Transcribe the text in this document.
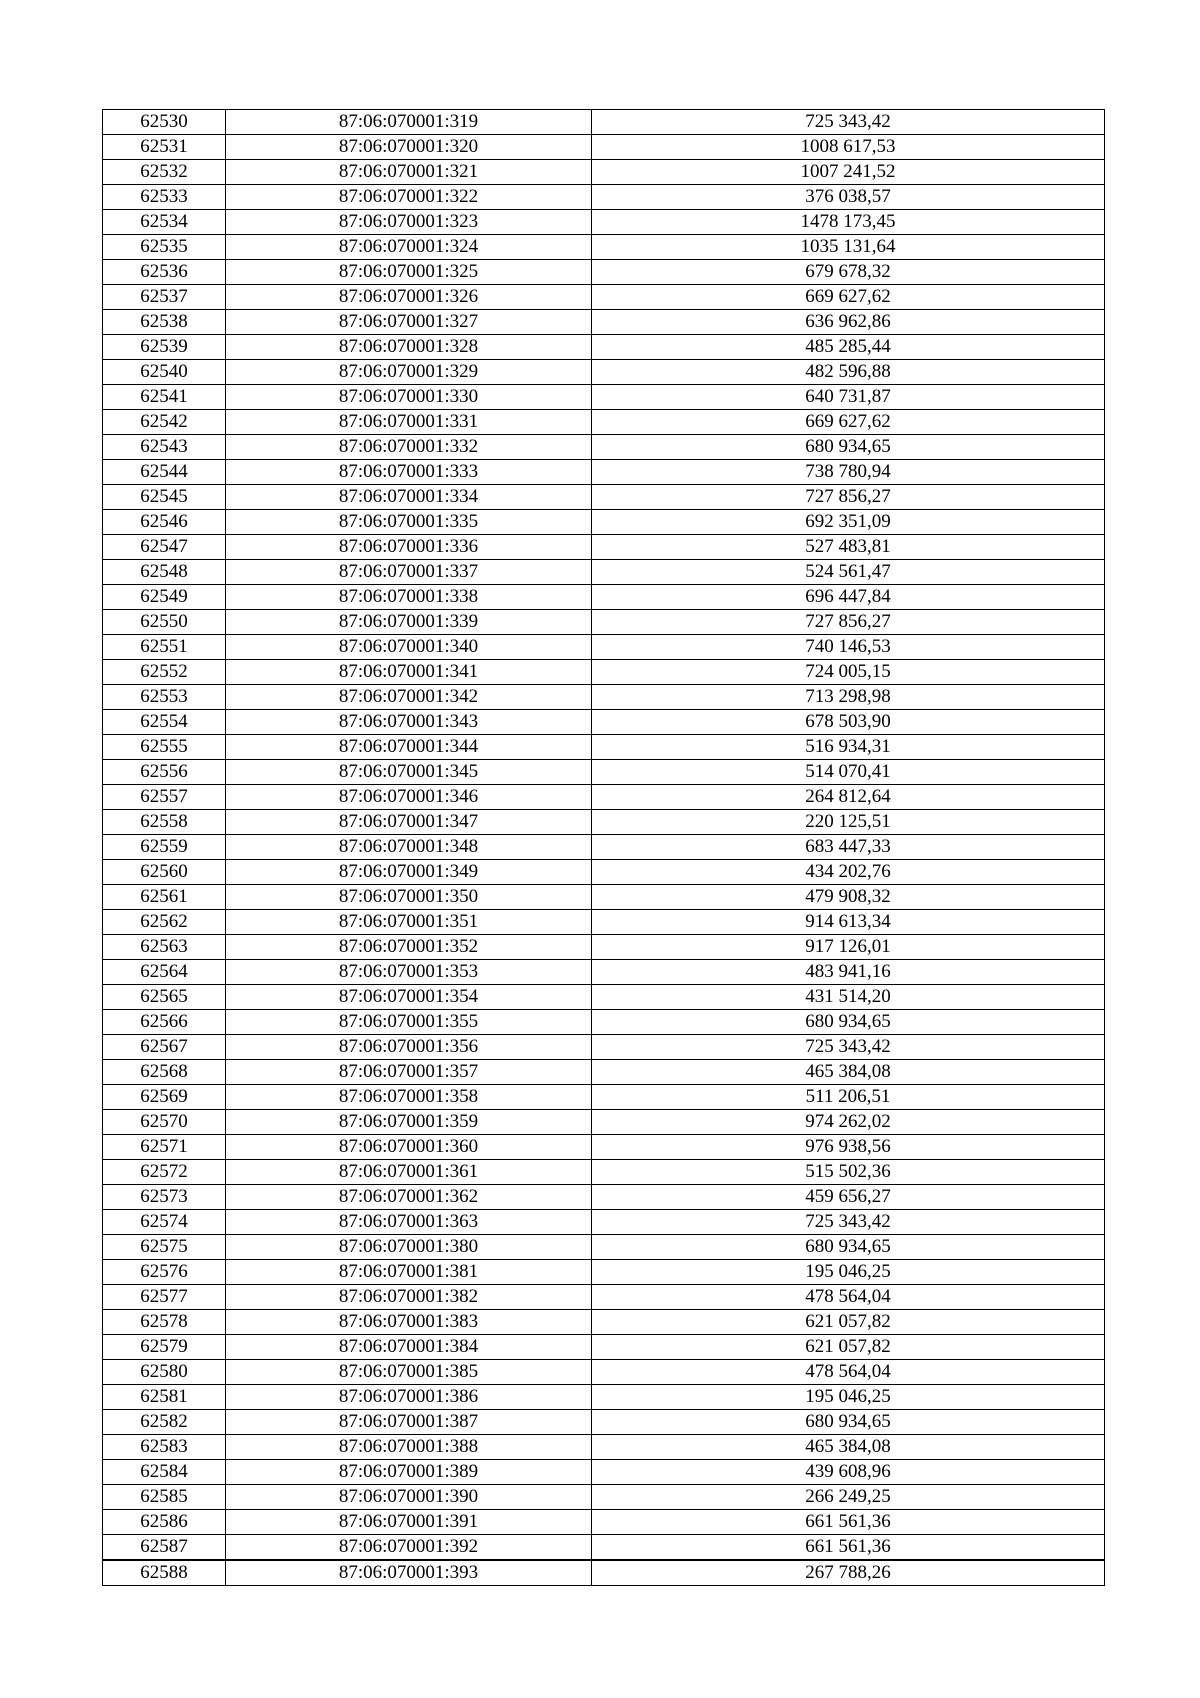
62530	87:06:070001:319	725 343,42
62531	87:06:070001:320	1008 617,53
62532	87:06:070001:321	1007 241,52
62533	87:06:070001:322	376 038,57
62534	87:06:070001:323	1478 173,45
62535	87:06:070001:324	1035 131,64
62536	87:06:070001:325	679 678,32
62537	87:06:070001:326	669 627,62
62538	87:06:070001:327	636 962,86
62539	87:06:070001:328	485 285,44
62540	87:06:070001:329	482 596,88
62541	87:06:070001:330	640 731,87
62542	87:06:070001:331	669 627,62
62543	87:06:070001:332	680 934,65
62544	87:06:070001:333	738 780,94
62545	87:06:070001:334	727 856,27
62546	87:06:070001:335	692 351,09
62547	87:06:070001:336	527 483,81
62548	87:06:070001:337	524 561,47
62549	87:06:070001:338	696 447,84
62550	87:06:070001:339	727 856,27
62551	87:06:070001:340	740 146,53
62552	87:06:070001:341	724 005,15
62553	87:06:070001:342	713 298,98
62554	87:06:070001:343	678 503,90
62555	87:06:070001:344	516 934,31
62556	87:06:070001:345	514 070,41
62557	87:06:070001:346	264 812,64
62558	87:06:070001:347	220 125,51
62559	87:06:070001:348	683 447,33
62560	87:06:070001:349	434 202,76
62561	87:06:070001:350	479 908,32
62562	87:06:070001:351	914 613,34
62563	87:06:070001:352	917 126,01
62564	87:06:070001:353	483 941,16
62565	87:06:070001:354	431 514,20
62566	87:06:070001:355	680 934,65
62567	87:06:070001:356	725 343,42
62568	87:06:070001:357	465 384,08
62569	87:06:070001:358	511 206,51
62570	87:06:070001:359	974 262,02
62571	87:06:070001:360	976 938,56
62572	87:06:070001:361	515 502,36
62573	87:06:070001:362	459 656,27
62574	87:06:070001:363	725 343,42
62575	87:06:070001:380	680 934,65
62576	87:06:070001:381	195 046,25
62577	87:06:070001:382	478 564,04
62578	87:06:070001:383	621 057,82
62579	87:06:070001:384	621 057,82
62580	87:06:070001:385	478 564,04
62581	87:06:070001:386	195 046,25
62582	87:06:070001:387	680 934,65
62583	87:06:070001:388	465 384,08
62584	87:06:070001:389	439 608,96
62585	87:06:070001:390	266 249,25
62586	87:06:070001:391	661 561,36
62587	87:06:070001:392	661 561,36
62588	87:06:070001:393	267 788,26
